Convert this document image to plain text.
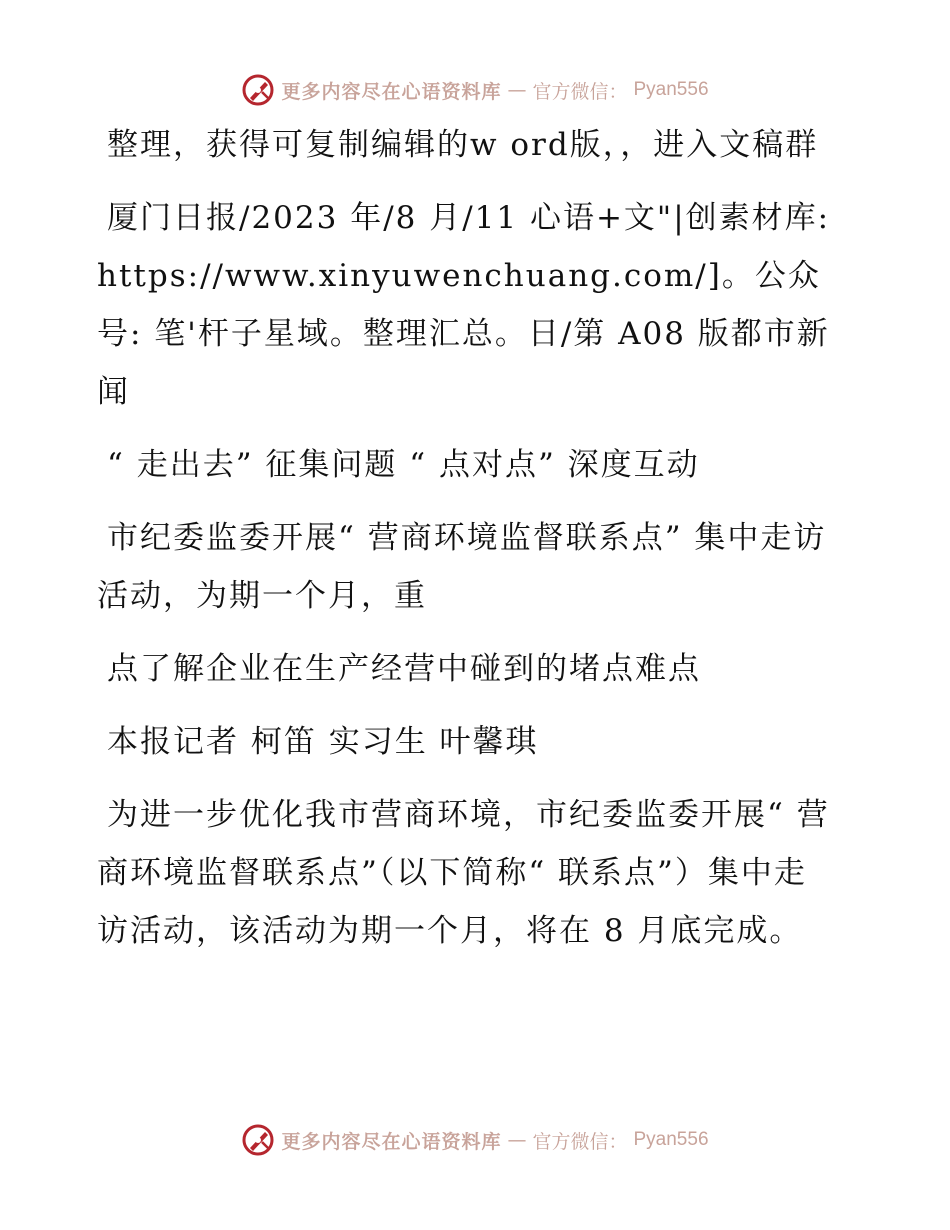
更多内容尽在心语资料库 — 官方微信： Pyan556

整理，获得可复制编辑的w ord版，，进入文稿群

厦门日报/2023 年/8 月/11 心语+文"|创素材库: https://www.xinyuwenchuang.com/]。公众号: 笔'杆子星域。整理汇总。日/第 A08 版都市新闻

“ 走出去” 征集问题 “ 点对点” 深度互动

市纪委监委开展“ 营商环境监督联系点” 集中走访活动，为期一个月，重

点了解企业在生产经营中碰到的堵点难点

本报记者 柯笛 实习生 叶馨琪

为进一步优化我市营商环境，市纪委监委开展“ 营商环境监督联系点”（以下简称“ 联系点”）集中走访活动，该活动为期一个月，将在 8 月底完成。

更多内容尽在心语资料库 — 官方微信： Pyan556
